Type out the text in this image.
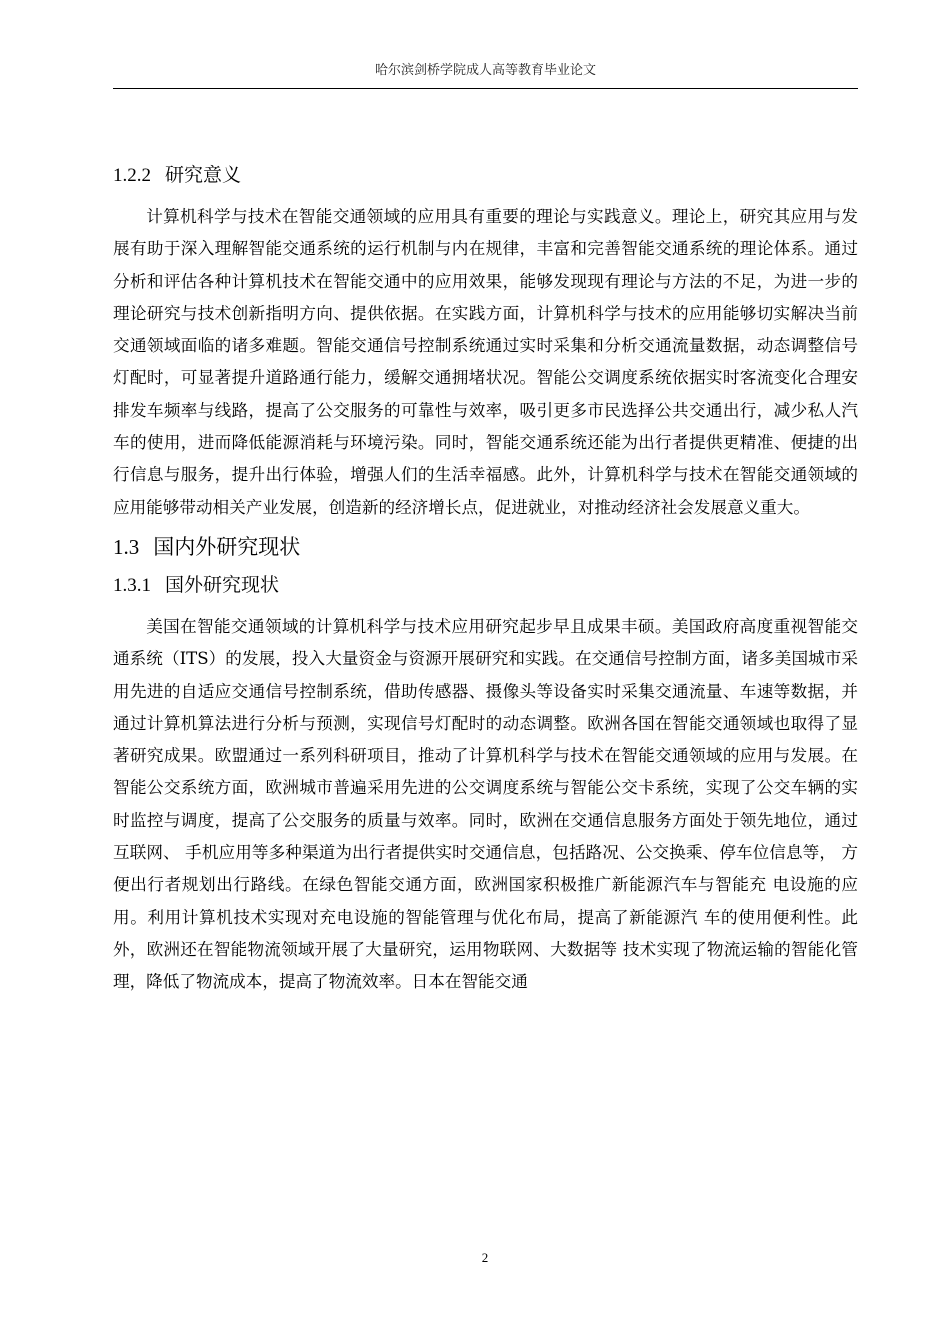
哈尔滨剑桥学院成人高等教育毕业论文
1.2.2 研究意义

计算机科学与技术在智能交通领域的应用具有重要的理论与实践意义。理论上，研究其应用与发展有助于深入理解智能交通系统的运行机制与内在规律，丰富和完善智能交通系统的理论体系。通过分析和评估各种计算机技术在智能交通中的应用效果，能够发现现有理论与方法的不足，为进一步的理论研究与技术创新指明方向、提供依据。在实践方面，计算机科学与技术的应用能够切实解决当前交通领域面临的诸多难题。智能交通信号控制系统通过实时采集和分析交通流量数据，动态调整信号灯配时，可显著提升道路通行能力，缓解交通拥堵状况。智能公交调度系统依据实时客流变化合理安排发车频率与线路，提高了公交服务的可靠性与效率，吸引更多市民选择公共交通出行，减少私人汽车的使用，进而降低能源消耗与环境污染。同时，智能交通系统还能为出行者提供更精准、便捷的出行信息与服务，提升出行体验，增强人们的生活幸福感。此外，计算机科学与技术在智能交通领域的应用能够带动相关产业发展，创造新的经济增长点，促进就业，对推动经济社会发展意义重大。

1.3 国内外研究现状
1.3.1 国外研究现状

美国在智能交通领域的计算机科学与技术应用研究起步早且成果丰硕。美国政府高度重视智能交通系统（ITS）的发展，投入大量资金与资源开展研究和实践。在交通信号控制方面，诸多美国城市采用先进的自适应交通信号控制系统，借助传感器、摄像头等设备实时采集交通流量、车速等数据，并通过计算机算法进行分析与预测，实现信号灯配时的动态调整。欧洲各国在智能交通领域也取得了显著研究成果。欧盟通过一系列科研项目，推动了计算机科学与技术在智能交通领域的应用与发展。在智能公交系统方面，欧洲城市普遍采用先进的公交调度系统与智能公交卡系统，实现了公交车辆的实时监控与调度，提高了公交服务的质量与效率。同时，欧洲在交通信息服务方面处于领先地位，通过互联网、 手机应用等多种渠道为出行者提供实时交通信息，包括路况、公交换乘、停车位信息等， 方便出行者规划出行路线。在绿色智能交通方面，欧洲国家积极推广新能源汽车与智能充 电设施的应用。利用计算机技术实现对充电设施的智能管理与优化布局，提高了新能源汽 车的使用便利性。此外，欧洲还在智能物流领域开展了大量研究，运用物联网、大数据等 技术实现了物流运输的智能化管理，降低了物流成本，提高了物流效率。日本在智能交通

2
